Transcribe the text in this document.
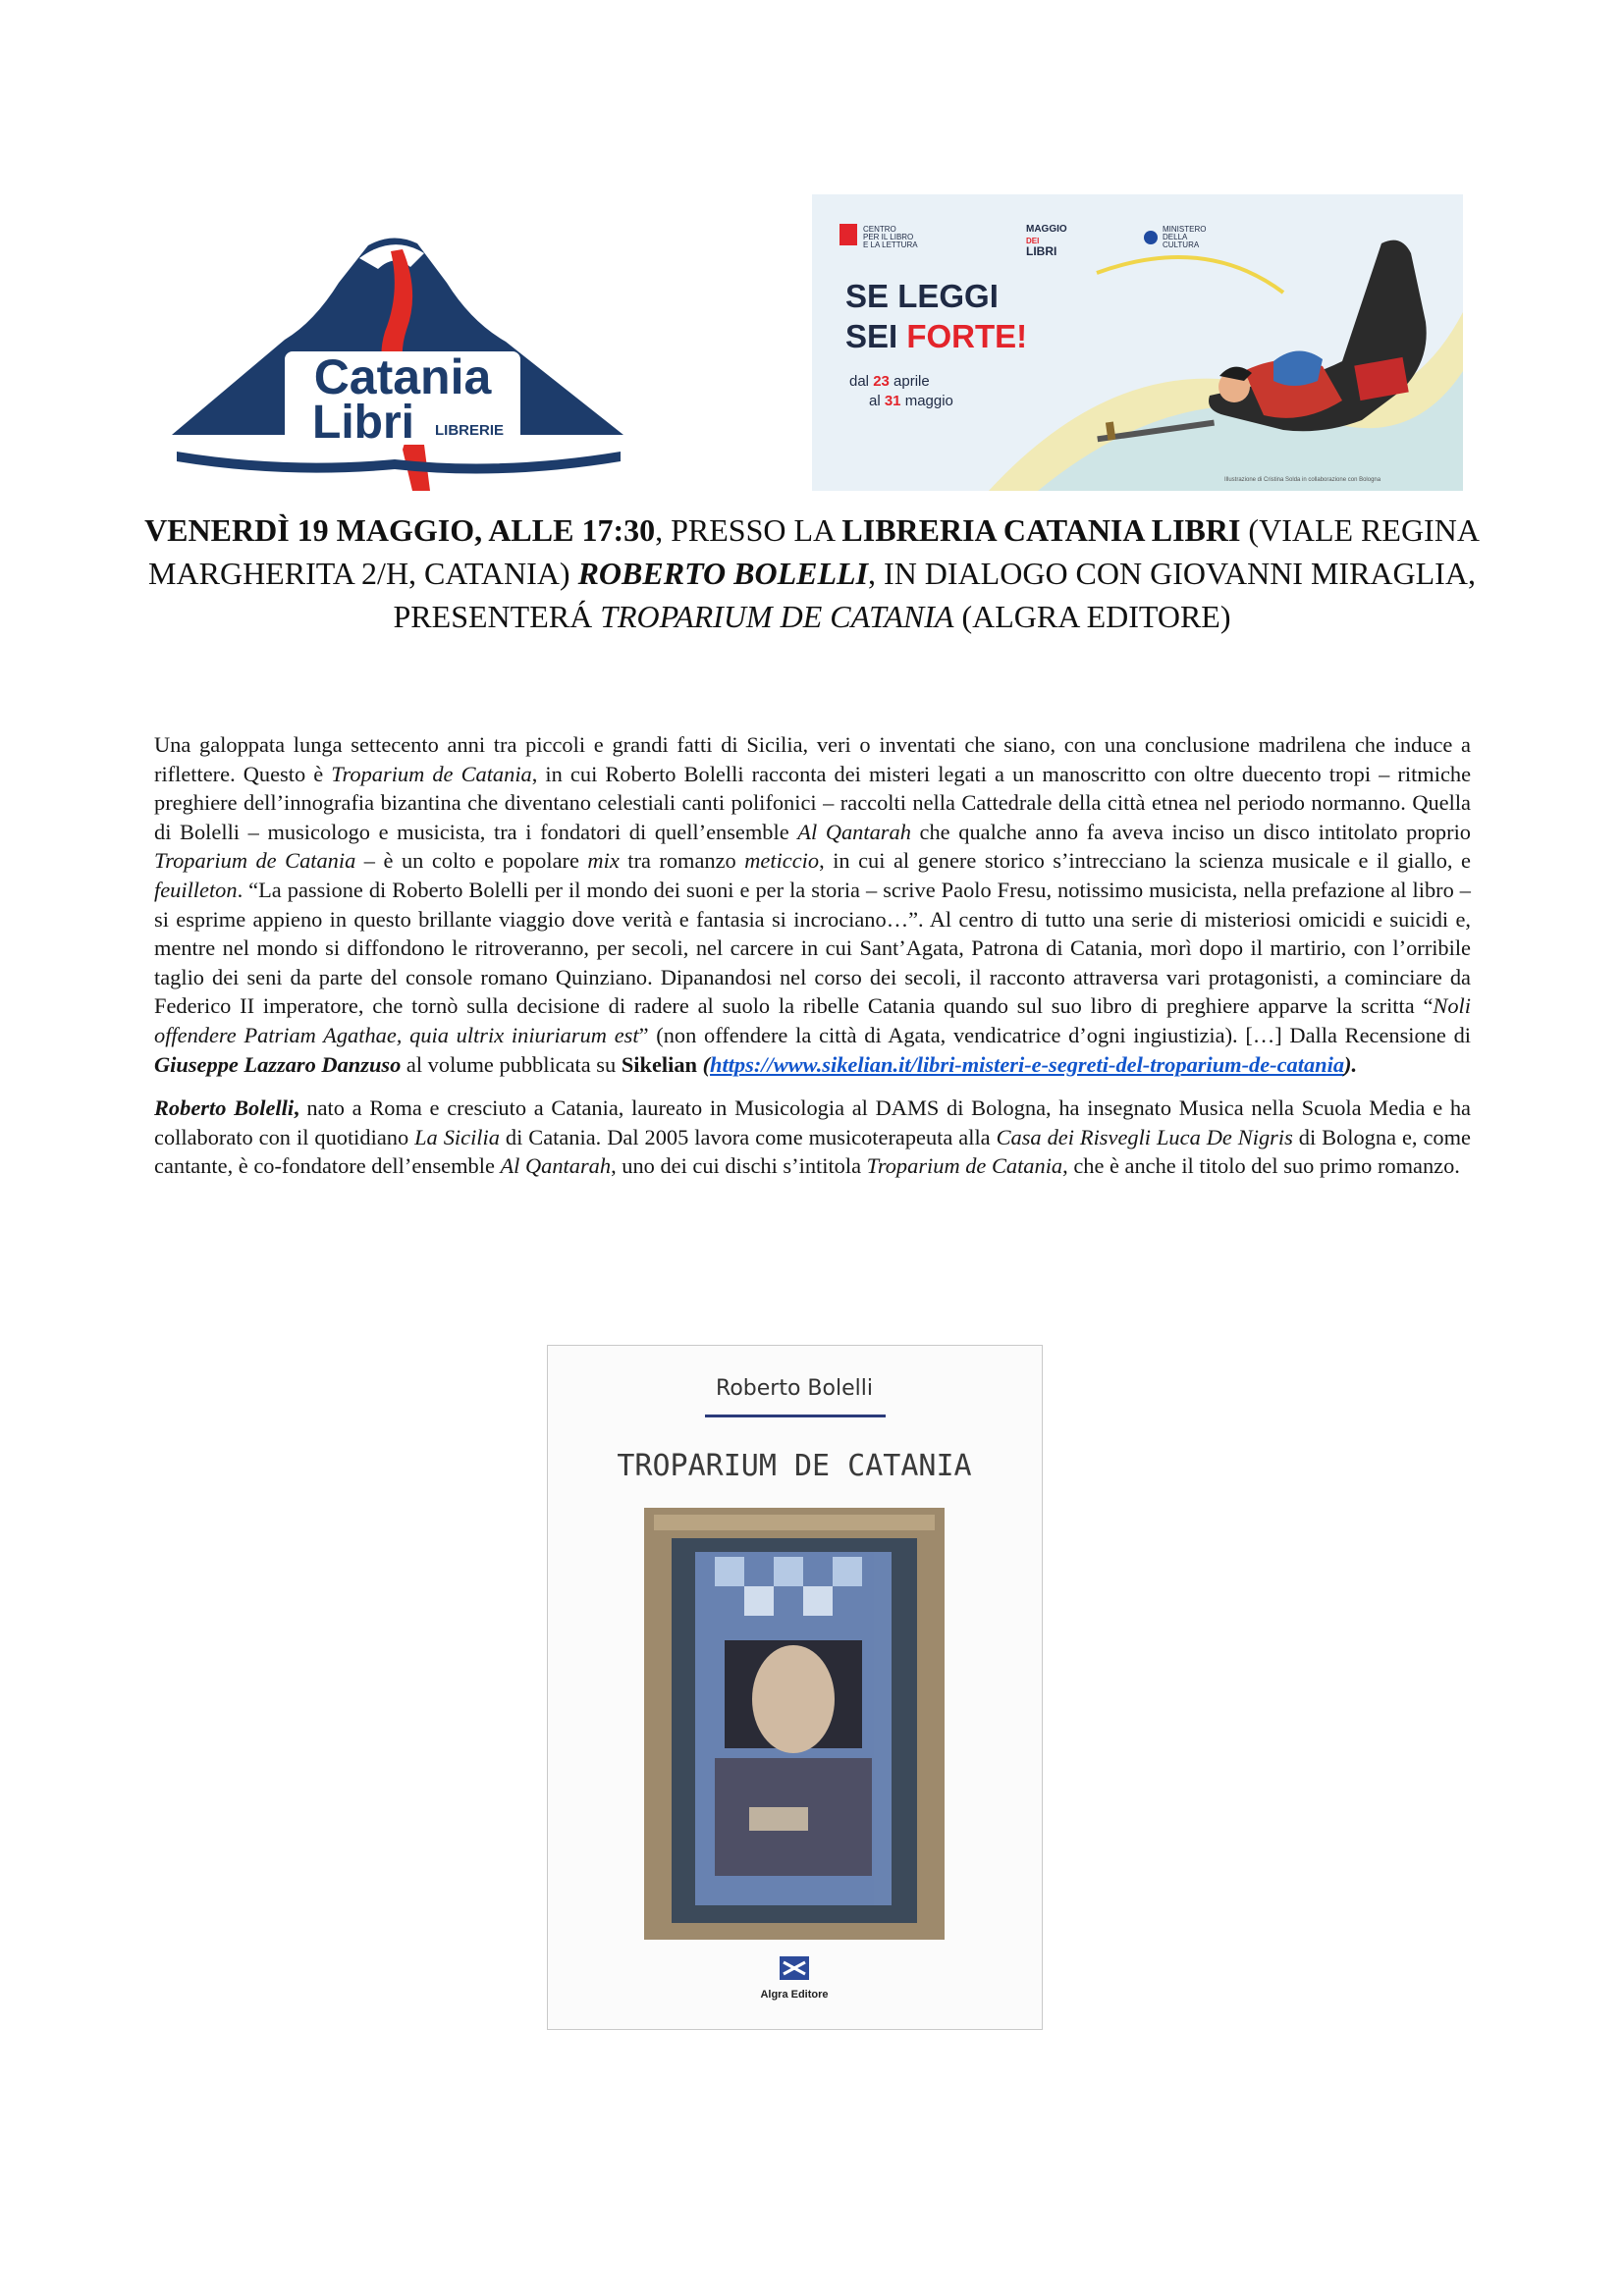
Catania
Libri LIBRERIE
CENTRO
PER IL LIBRO
E LA LETTURA
MAGGIO
DEI
LIBRI
MINISTERO
DELLA
CULTURA
SE LEGGI
SEI FORTE!
dal 23 aprile
al 31 maggio
Illustrazione di Cristina Solda in collaborazione con Bologna
VENERDÌ 19 MAGGIO, ALLE 17:30, PRESSO LA LIBRERIA CATANIA LIBRI (VIALE REGINA MARGHERITA 2/H, CATANIA) ROBERTO BOLELLI, IN DIALOGO CON GIOVANNI MIRAGLIA, PRESENTERÁ TROPARIUM DE CATANIA (ALGRA EDITORE)
Una galoppata lunga settecento anni tra piccoli e grandi fatti di Sicilia, veri o inventati che siano, con una conclusione madrilena che induce a riflettere. Questo è Troparium de Catania, in cui Roberto Bolelli racconta dei misteri legati a un manoscritto con oltre duecento tropi – ritmiche preghiere dell’innografia bizantina che diventano celestiali canti polifonici – raccolti nella Cattedrale della città etnea nel periodo normanno. Quella di Bolelli – musicologo e musicista, tra i fondatori di quell’ensemble Al Qantarah che qualche anno fa aveva inciso un disco intitolato proprio Troparium de Catania – è un colto e popolare mix tra romanzo meticcio, in cui al genere storico s’intrecciano la scienza musicale e il giallo, e feuilleton. “La passione di Roberto Bolelli per il mondo dei suoni e per la storia – scrive Paolo Fresu, notissimo musicista, nella prefazione al libro – si esprime appieno in questo brillante viaggio dove verità e fantasia si incrociano…”. Al centro di tutto una serie di misteriosi omicidi e suicidi e, mentre nel mondo si diffondono le ritroveranno, per secoli, nel carcere in cui Sant’Agata, Patrona di Catania, morì dopo il martirio, con l’orribile taglio dei seni da parte del console romano Quinziano. Dipanandosi nel corso dei secoli, il racconto attraversa vari protagonisti, a cominciare da Federico II imperatore, che tornò sulla decisione di radere al suolo la ribelle Catania quando sul suo libro di preghiere apparve la scritta “Noli offendere Patriam Agathae, quia ultrix iniuriarum est” (non offendere la città di Agata, vendicatrice d’ogni ingiustizia). […] Dalla Recensione di Giuseppe Lazzaro Danzuso al volume pubblicata su Sikelian (https://www.sikelian.it/libri-misteri-e-segreti-del-troparium-de-catania).
Roberto Bolelli, nato a Roma e cresciuto a Catania, laureato in Musicologia al DAMS di Bologna, ha insegnato Musica nella Scuola Media e ha collaborato con il quotidiano La Sicilia di Catania. Dal 2005 lavora come musicoterapeuta alla Casa dei Risvegli Luca De Nigris di Bologna e, come cantante, è co-fondatore dell’ensemble Al Qantarah, uno dei cui dischi s’intitola Troparium de Catania, che è anche il titolo del suo primo romanzo.
Roberto Bolelli
TROPARIUM DE CATANIA
Algra Editore
